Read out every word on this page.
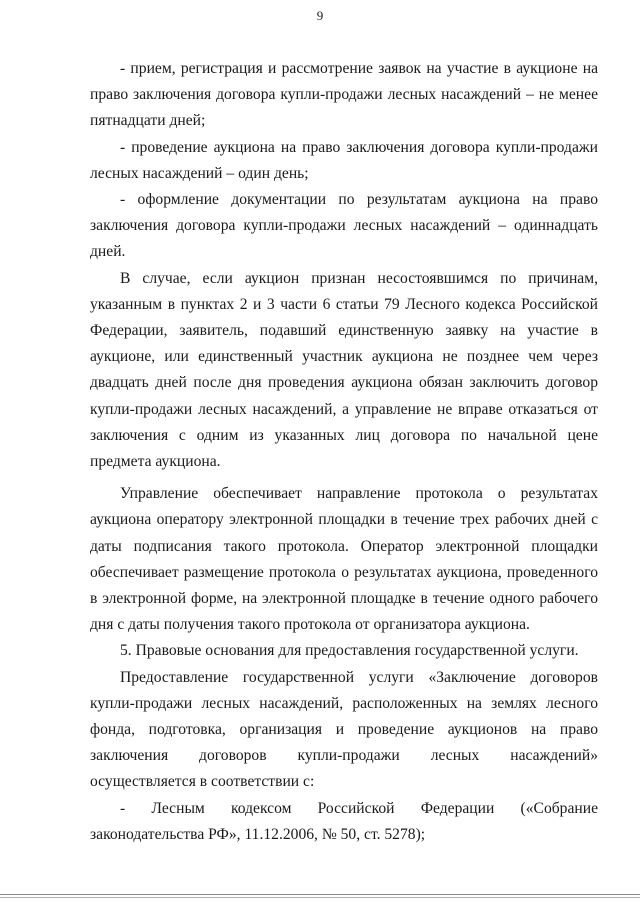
9

- прием, регистрация и рассмотрение заявок на участие в аукционе на право заключения договора купли-продажи лесных насаждений – не менее пятнадцати дней;

- проведение аукциона на право заключения договора купли-продажи лесных насаждений – один день;

- оформление документации по результатам аукциона на право заключения договора купли-продажи лесных насаждений – одиннадцать дней.

В случае, если аукцион признан несостоявшимся по причинам, указанным в пунктах 2 и 3 части 6 статьи 79 Лесного кодекса Российской Федерации, заявитель, подавший единственную заявку на участие в аукционе, или единственный участник аукциона не позднее чем через двадцать дней после дня проведения аукциона обязан заключить договор купли-продажи лесных насаждений, а управление не вправе отказаться от заключения с одним из указанных лиц договора по начальной цене предмета аукциона.

Управление обеспечивает направление протокола о результатах аукциона оператору электронной площадки в течение трех рабочих дней с даты подписания такого протокола. Оператор электронной площадки обеспечивает размещение протокола о результатах аукциона, проведенного в электронной форме, на электронной площадке в течение одного рабочего дня с даты получения такого протокола от организатора аукциона.

5. Правовые основания для предоставления государственной услуги.

Предоставление государственной услуги «Заключение договоров купли-продажи лесных насаждений, расположенных на землях лесного фонда, подготовка, организация и проведение аукционов на право заключения договоров купли-продажи лесных насаждений» осуществляется в соответствии с:

- Лесным кодексом Российской Федерации («Собрание законодательства РФ», 11.12.2006, № 50, ст. 5278);
